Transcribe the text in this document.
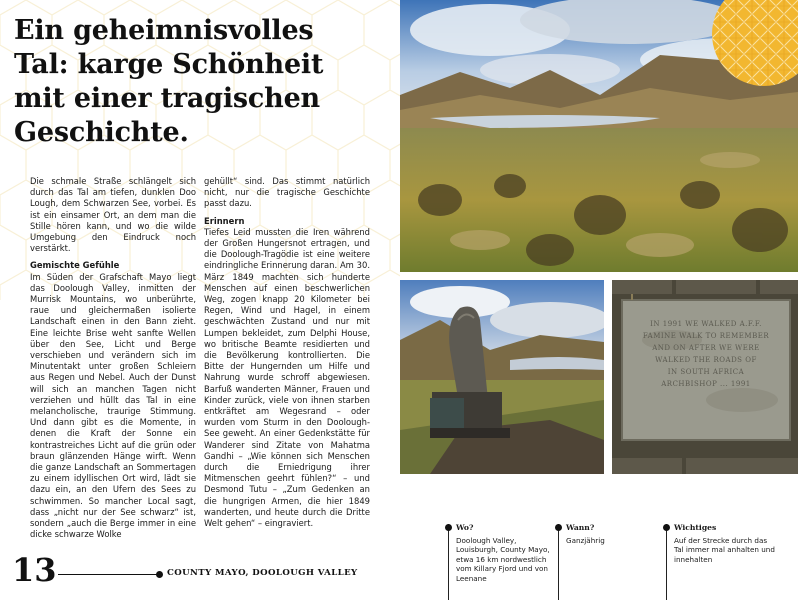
Ein geheimnisvolles
Tal: karge Schönheit
mit einer tragischen
Geschichte.

Die schmale Straße schlängelt sich durch das Tal am tiefen, dunklen Doo Lough, dem Schwarzen See, vorbei. Es ist ein einsamer Ort, an dem man die Stille hören kann, und wo die wilde Umgebung den Eindruck noch verstärkt.

Gemischte Gefühle

Im Süden der Grafschaft Mayo liegt das Doolough Valley, inmitten der Murrisk Mountains, wo unberührte, raue und gleichermaßen isolierte Landschaft einen in den Bann zieht. Eine leichte Brise weht sanfte Wellen über den See, Licht und Berge verschieben und verändern sich im Minutentakt unter großen Schleiern aus Regen und Nebel. Auch der Dunst will sich an manchen Tagen nicht verziehen und hüllt das Tal in eine melancholische, traurige Stimmung. Und dann gibt es die Momente, in denen die Kraft der Sonne ein kontrastreiches Licht auf die grün oder braun glänzenden Hänge wirft. Wenn die ganze Landschaft an Sommertagen zu einem idyllischen Ort wird, lädt sie dazu ein, an den Ufern des Sees zu schwimmen. So mancher Local sagt, dass „nicht nur der See schwarz“ ist, sondern „auch die Berge immer in eine dicke schwarze Wolke

gehüllt“ sind. Das stimmt natürlich nicht, nur die tragische Geschichte passt dazu.

Erinnern

Tiefes Leid mussten die Iren während der Großen Hungersnot ertragen, und die Doolough-Tragödie ist eine weitere eindringliche Erinnerung daran. Am 30. März 1849 machten sich hunderte Menschen auf einen beschwerlichen Weg, zogen knapp 20 Kilometer bei Regen, Wind und Hagel, in einem geschwächten Zustand und nur mit Lumpen bekleidet, zum Delphi House, wo britische Beamte residierten und die Bevölkerung kontrollierten. Die Bitte der Hungernden um Hilfe und Nahrung wurde schroff abgewiesen. Barfuß wanderten Männer, Frauen und Kinder zurück, viele von ihnen starben entkräftet am Wegesrand – oder wurden vom Sturm in den Doolough-See geweht. An einer Gedenkstätte für Wanderer sind Zitate von Mahatma Gandhi – „Wie können sich Menschen durch die Erniedrigung ihrer Mitmenschen geehrt fühlen?“ – und Desmond Tutu – „Zum Gedenken an die hungrigen Armen, die hier 1849 wanderten, und heute durch die Dritte Welt gehen“ – eingraviert.

IN 1991 WE WALKED A.F.F.
FAMINE WALK TO REMEMBER
AND ON AFTER WE WERE
WALKED THE ROADS OF
IN SOUTH AFRICA
ARCHBISHOP ... 1991
Wo?
Doolough Valley, Louisburgh, County Mayo, etwa 16 km nordwestlich vom Killary Fjord und von Leenane
Wann?
Ganzjährig
Wichtiges
Auf der Strecke durch das Tal immer mal anhalten und innehalten
13	COUNTY MAYO, DOOLOUGH VALLEY
